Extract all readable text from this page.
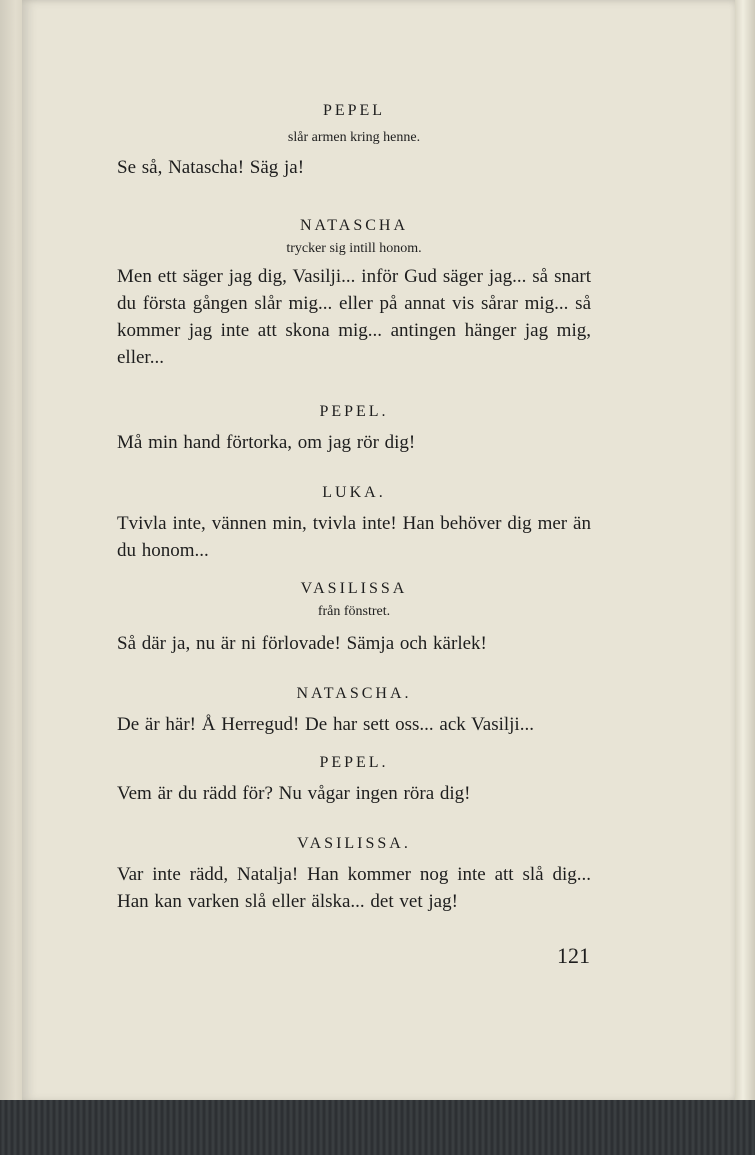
PEPEL

slår armen kring henne.

Se så, Natascha! Säg ja!

NATASCHA

trycker sig intill honom.

Men ett säger jag dig, Vasilji... inför Gud säger jag... så snart du första gången slår mig... eller på annat vis sårar mig... så kommer jag inte att skona mig... antingen hänger jag mig, eller...

PEPEL.

Må min hand förtorka, om jag rör dig!

LUKA.

Tvivla inte, vännen min, tvivla inte! Han behöver dig mer än du honom...

VASILISSA

från fönstret.

Så där ja, nu är ni förlovade! Sämja och kärlek!

NATASCHA.

De är här! Å Herregud! De har sett oss... ack Vasilji...

PEPEL.

Vem är du rädd för? Nu vågar ingen röra dig!

VASILISSA.

Var inte rädd, Natalja! Han kommer nog inte att slå dig... Han kan varken slå eller älska... det vet jag!

121
